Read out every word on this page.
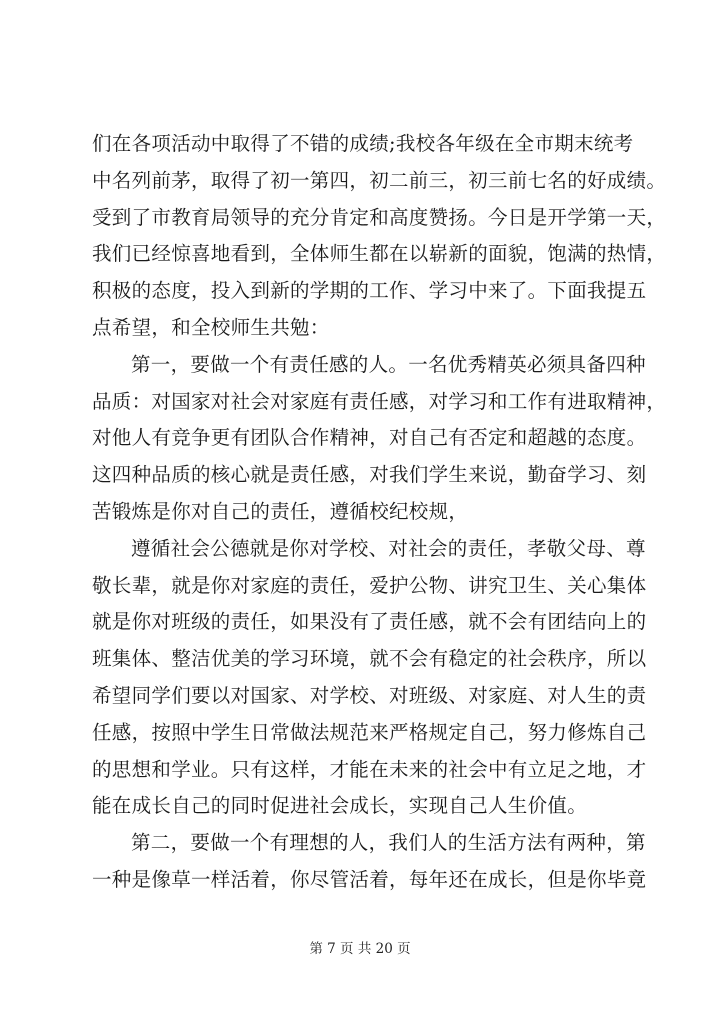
们在各项活动中取得了不错的成绩;我校各年级在全市期末统考
中名列前茅，取得了初一第四，初二前三，初三前七名的好成绩。
受到了市教育局领导的充分肯定和高度赞扬。今日是开学第一天，
我们已经惊喜地看到，全体师生都在以崭新的面貌，饱满的热情，
积极的态度，投入到新的学期的工作、学习中来了。下面我提五
点希望，和全校师生共勉：
第一，要做一个有责任感的人。一名优秀精英必须具备四种
品质：对国家对社会对家庭有责任感，对学习和工作有进取精神，
对他人有竞争更有团队合作精神，对自己有否定和超越的态度。
这四种品质的核心就是责任感，对我们学生来说，勤奋学习、刻
苦锻炼是你对自己的责任，遵循校纪校规，
遵循社会公德就是你对学校、对社会的责任，孝敬父母、尊
敬长辈，就是你对家庭的责任，爱护公物、讲究卫生、关心集体
就是你对班级的责任，如果没有了责任感，就不会有团结向上的
班集体、整洁优美的学习环境，就不会有稳定的社会秩序，所以
希望同学们要以对国家、对学校、对班级、对家庭、对人生的责
任感，按照中学生日常做法规范来严格规定自己，努力修炼自己
的思想和学业。只有这样，才能在未来的社会中有立足之地，才
能在成长自己的同时促进社会成长，实现自己人生价值。
第二，要做一个有理想的人，我们人的生活方法有两种，第
一种是像草一样活着，你尽管活着，每年还在成长，但是你毕竟
第 7 页 共 20 页
